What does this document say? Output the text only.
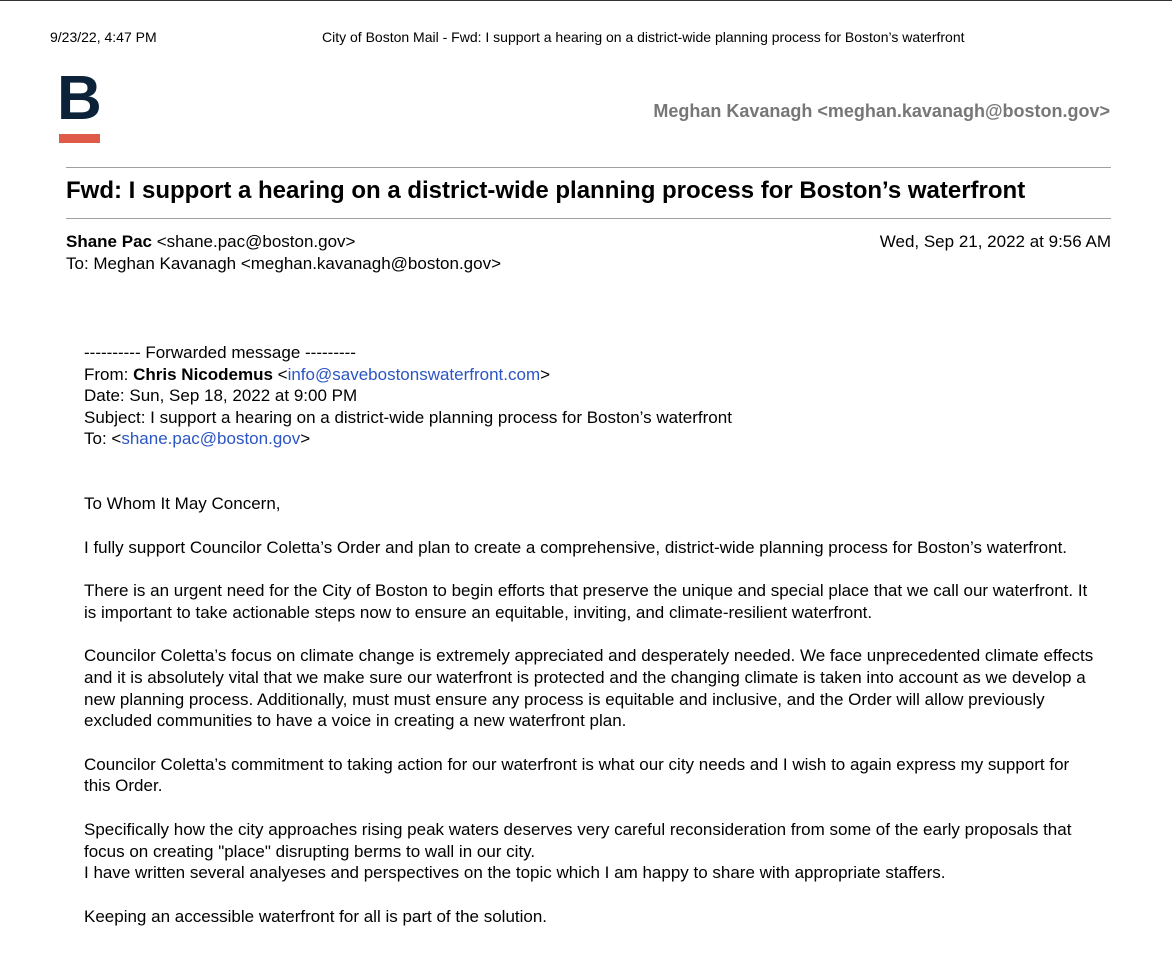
9/23/22, 4:47 PM	City of Boston Mail - Fwd: I support a hearing on a district-wide planning process for Boston’s waterfront
B	Meghan Kavanagh <meghan.kavanagh@boston.gov>
Fwd: I support a hearing on a district-wide planning process for Boston’s waterfront
Shane Pac <shane.pac@boston.gov>	Wed, Sep 21, 2022 at 9:56 AM
To: Meghan Kavanagh <meghan.kavanagh@boston.gov>
---------- Forwarded message ---------
From: Chris Nicodemus <info@savebostonswaterfront.com>
Date: Sun, Sep 18, 2022 at 9:00 PM
Subject: I support a hearing on a district-wide planning process for Boston’s waterfront
To: <shane.pac@boston.gov>
To Whom It May Concern,
I fully support Councilor Coletta’s Order and plan to create a comprehensive, district-wide planning process for Boston’s waterfront.
There is an urgent need for the City of Boston to begin efforts that preserve the unique and special place that we call our waterfront. It is important to take actionable steps now to ensure an equitable, inviting, and climate-resilient waterfront.
Councilor Coletta’s focus on climate change is extremely appreciated and desperately needed. We face unprecedented climate effects and it is absolutely vital that we make sure our waterfront is protected and the changing climate is taken into account as we develop a new planning process. Additionally, must must ensure any process is equitable and inclusive, and the Order will allow previously excluded communities to have a voice in creating a new waterfront plan.
Councilor Coletta’s commitment to taking action for our waterfront is what our city needs and I wish to again express my support for this Order.
Specifically how the city approaches rising peak waters deserves very careful reconsideration from some of the early proposals that focus on creating "place" disrupting berms to wall in our city.
I have written several analyeses and perspectives on the topic which I am happy to share with appropriate staffers.
Keeping an accessible waterfront for all is part of the solution.
